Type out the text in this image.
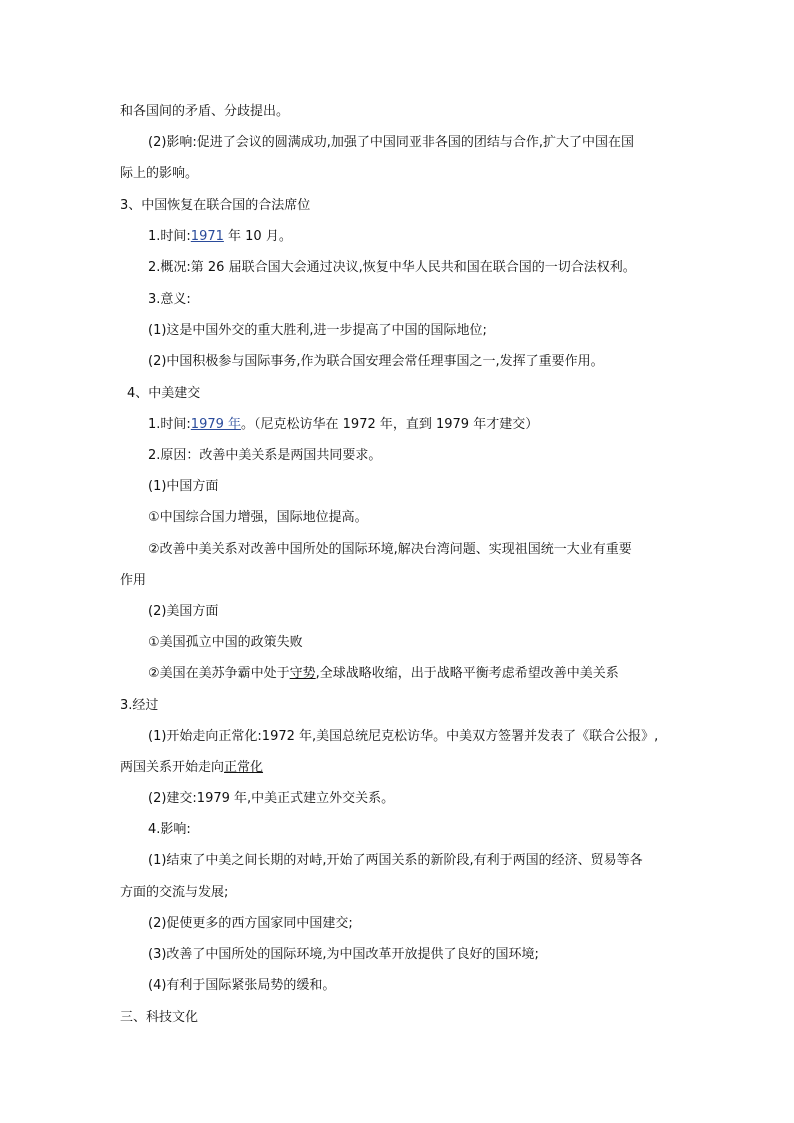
和各国间的矛盾、分歧提出。
(2)影响:促进了会议的圆满成功,加强了中国同亚非各国的团结与合作,扩大了中国在国
际上的影响。
3、中国恢复在联合国的合法席位
1.时间:1971 年 10 月。
2.概况:第 26 届联合国大会通过决议,恢复中华人民共和国在联合国的一切合法权利。
3.意义:
(1)这是中国外交的重大胜利,进一步提高了中国的国际地位;
(2)中国积极参与国际事务,作为联合国安理会常任理事国之一,发挥了重要作用。
4、中美建交
1.时间:1979 年。（尼克松访华在 1972 年，直到 1979 年才建交）
2.原因：改善中美关系是两国共同要求。
(1)中国方面
①中国综合国力增强，国际地位提高。
②改善中美关系对改善中国所处的国际环境,解决台湾问题、实现祖国统一大业有重要
作用
(2)美国方面
①美国孤立中国的政策失败
②美国在美苏争霸中处于守势,全球战略收缩，出于战略平衡考虑希望改善中美关系
3.经过
(1)开始走向正常化:1972 年,美国总统尼克松访华。中美双方签署并发表了《联合公报》,
两国关系开始走向正常化
(2)建交:1979 年,中美正式建立外交关系。
4.影响:
(1)结束了中美之间长期的对峙,开始了两国关系的新阶段,有利于两国的经济、贸易等各
方面的交流与发展;
(2)促使更多的西方国家同中国建交;
(3)改善了中国所处的国际环境,为中国改革开放提供了良好的国环境;
(4)有利于国际紧张局势的缓和。
三、科技文化
